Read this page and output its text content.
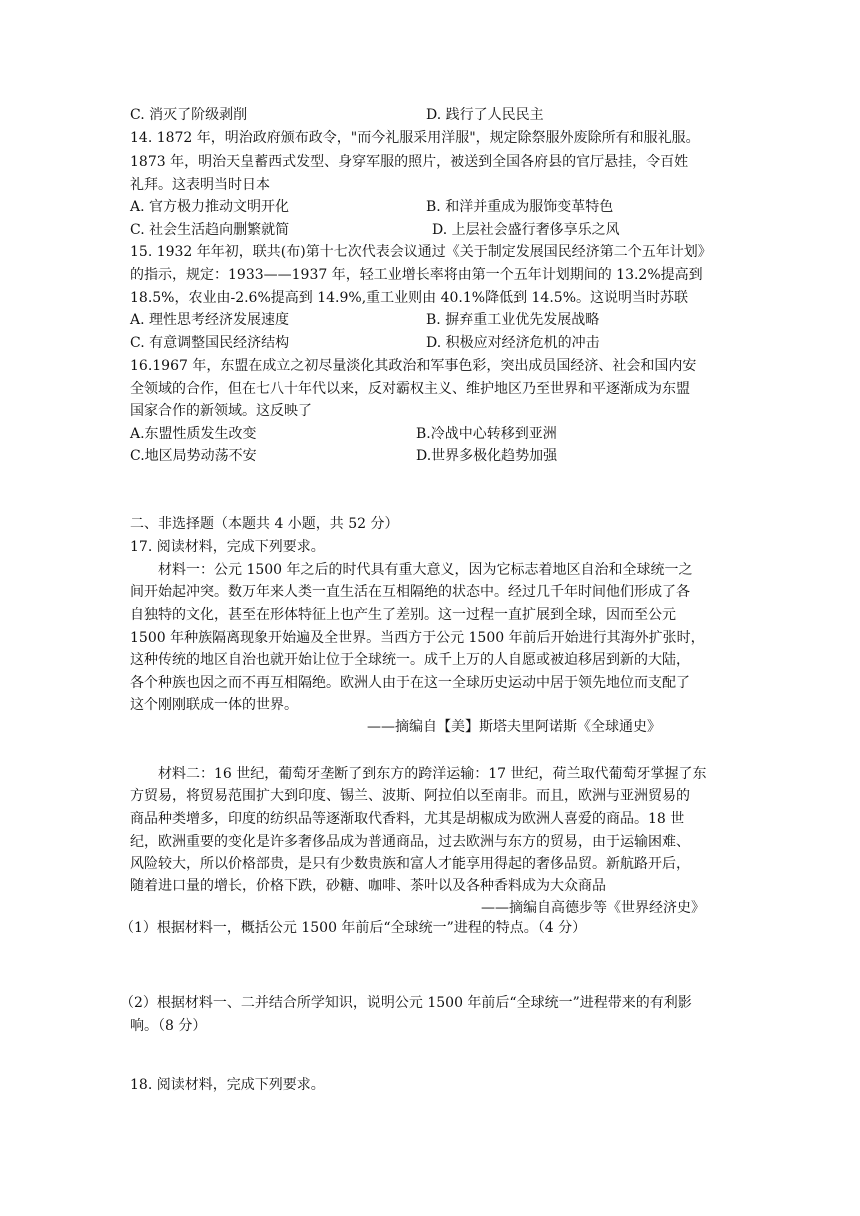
C. 消灭了阶级剥削	D. 践行了人民民主
14. 1872 年，明治政府颁布政令，"而今礼服采用洋服"，规定除祭服外废除所有和服礼服。
1873 年，明治天皇蓄西式发型、身穿军服的照片，被送到全国各府县的官厅悬挂，令百姓
礼拜。这表明当时日本
A. 官方极力推动文明开化	B. 和洋并重成为服饰变革特色
C. 社会生活趋向删繁就简	D. 上层社会盛行奢侈享乐之风
15. 1932 年年初，联共(布)第十七次代表会议通过《关于制定发展国民经济第二个五年计划》
的指示，规定：1933——1937 年，轻工业增长率将由第一个五年计划期间的 13.2%提高到
18.5%，农业由-2.6%提高到 14.9%,重工业则由 40.1%降低到 14.5%。这说明当时苏联
A. 理性思考经济发展速度	B. 摒弃重工业优先发展战略
C. 有意调整国民经济结构	D. 积极应对经济危机的冲击
16.1967 年，东盟在成立之初尽量淡化其政治和军事色彩，突出成员国经济、社会和国内安
全领域的合作，但在七八十年代以来，反对霸权主义、维护地区乃至世界和平逐渐成为东盟
国家合作的新领域。这反映了
A.东盟性质发生改变	B.冷战中心转移到亚洲
C.地区局势动荡不安	D.世界多极化趋势加强
二、非选择题（本题共 4 小题，共 52 分）
17. 阅读材料，完成下列要求。
材料一：公元 1500 年之后的时代具有重大意义，因为它标志着地区自治和全球统一之
间开始起冲突。数万年来人类一直生活在互相隔绝的状态中。经过几千年时间他们形成了各
自独特的文化，甚至在形体特征上也产生了差别。这一过程一直扩展到全球，因而至公元
1500 年种族隔离现象开始遍及全世界。当西方于公元 1500 年前后开始进行其海外扩张时，
这种传统的地区自治也就开始让位于全球统一。成千上万的人自愿或被迫移居到新的大陆，
各个种族也因之而不再互相隔绝。欧洲人由于在这一全球历史运动中居于领先地位而支配了
这个刚刚联成一体的世界。
——摘编自【美】斯塔夫里阿诺斯《全球通史》
材料二：16 世纪，葡萄牙垄断了到东方的跨洋运输：17 世纪，荷兰取代葡萄牙掌握了东
方贸易，将贸易范围扩大到印度、锡兰、波斯、阿拉伯以至南非。而且，欧洲与亚洲贸易的
商品种类增多，印度的纺织品等逐渐取代香料，尤其是胡椒成为欧洲人喜爱的商品。18 世
纪，欧洲重要的变化是许多奢侈品成为普通商品，过去欧洲与东方的贸易，由于运输困难、
风险较大，所以价格部贵，是只有少数贵族和富人才能享用得起的奢侈品贸。新航路开后，
随着进口量的增长，价格下跌，砂糖、咖啡、茶叶以及各种香料成为大众商品
——摘编自高德步等《世界经济史》
（1）根据材料一，概括公元 1500 年前后“全球统一”进程的特点。（4 分）
（2）根据材料一、二并结合所学知识，说明公元 1500 年前后“全球统一”进程带来的有利影
响。（8 分）
18. 阅读材料，完成下列要求。
